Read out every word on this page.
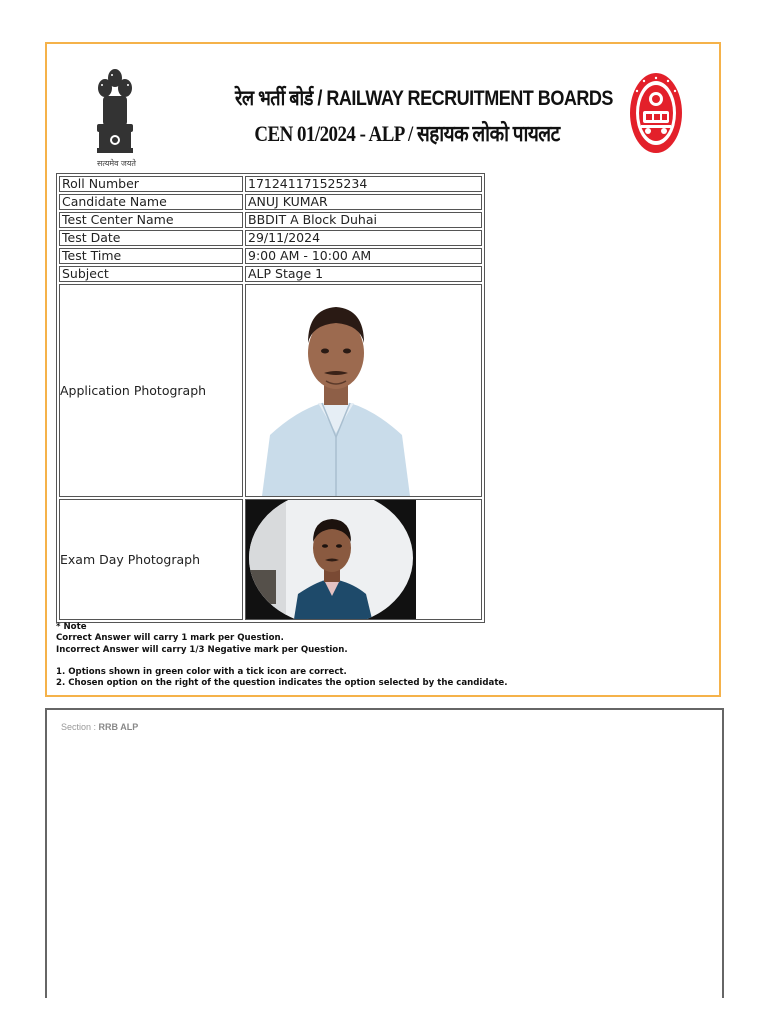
सत्यमेव जयते
रेल भर्ती बोर्ड / RAILWAY RECRUITMENT BOARDS
CEN 01/2024 - ALP / सहायक लोको पायलट
Roll Number	171241171525234
Candidate Name	ANUJ KUMAR
Test Center Name	BBDIT A Block Duhai
Test Date	29/11/2024
Test Time	9:00 AM - 10:00 AM
Subject	ALP Stage 1
Application Photograph	

Exam Day Photograph	

* Note

Correct Answer will carry 1 mark per Question.

Incorrect Answer will carry 1/3 Negative mark per Question.

1. Options shown in green color with a tick icon are correct.

2. Chosen option on the right of the question indicates the option selected by the candidate.

Section : RRB ALP
